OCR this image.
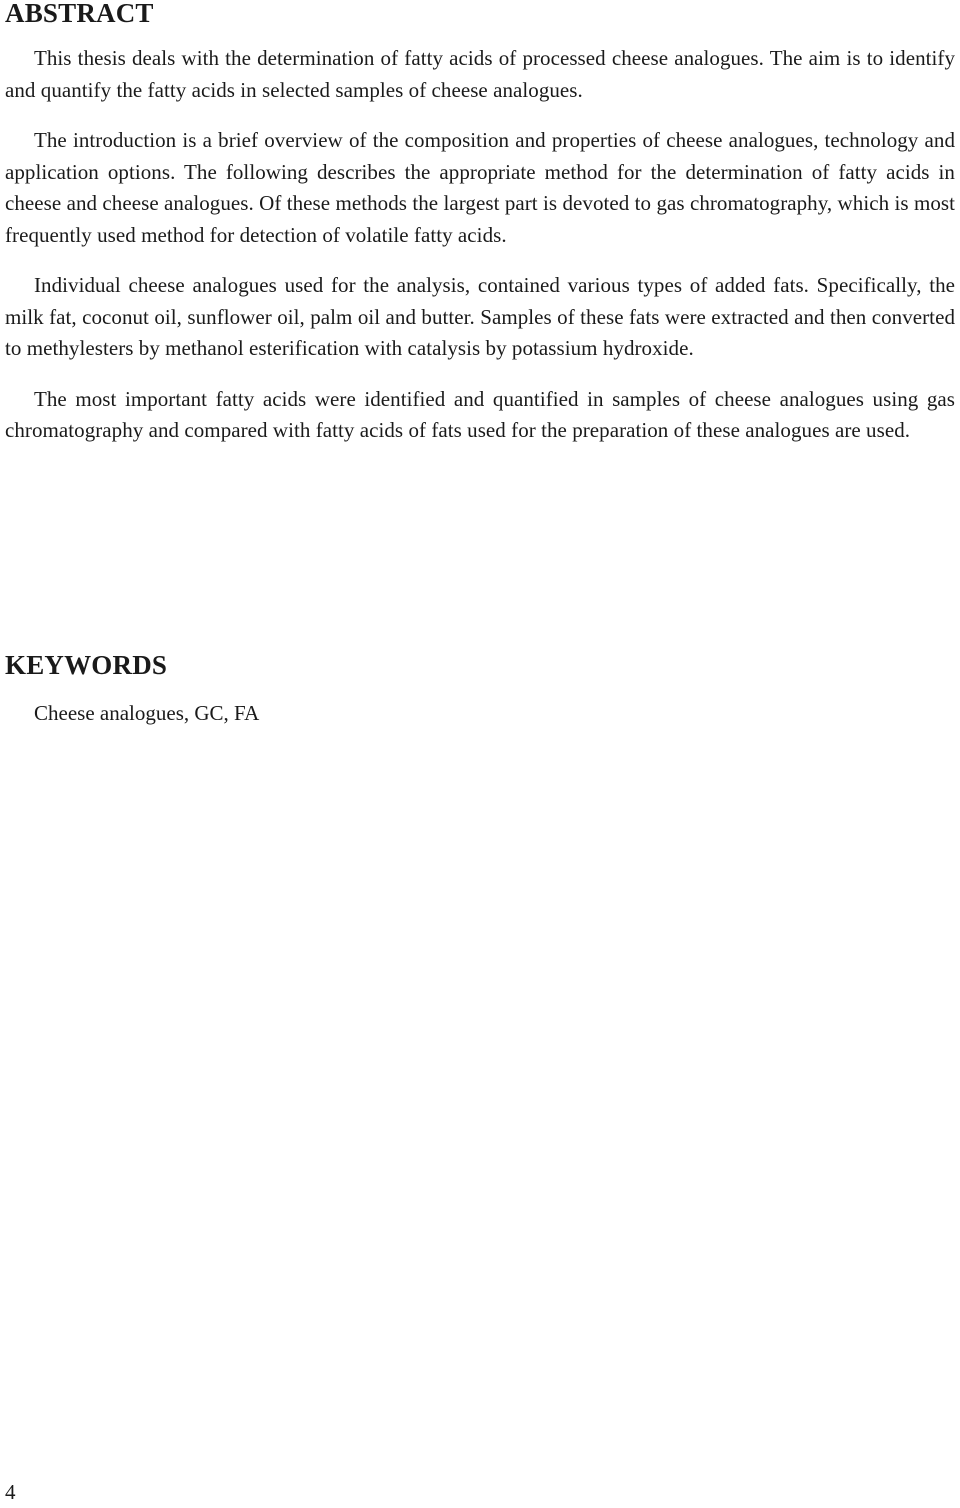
ABSTRACT

This thesis deals with the determination of fatty acids of processed cheese analogues. The aim is to identify and quantify the fatty acids in selected samples of cheese analogues.

The introduction is a brief overview of the composition and properties of cheese analogues, technology and application options. The following describes the appropriate method for the determination of fatty acids in cheese and cheese analogues. Of these methods the largest part is devoted to gas chromatography, which is most frequently used method for detection of volatile fatty acids.

Individual cheese analogues used for the analysis, contained various types of added fats. Specifically, the milk fat, coconut oil, sunflower oil, palm oil and butter. Samples of these fats were extracted and then converted to methylesters by methanol esterification with catalysis by potassium hydroxide.

The most important fatty acids were identified and quantified in samples of cheese analogues using gas chromatography and compared with fatty acids of fats used for the preparation of these analogues are used.

KEYWORDS

Cheese analogues, GC, FA

4
